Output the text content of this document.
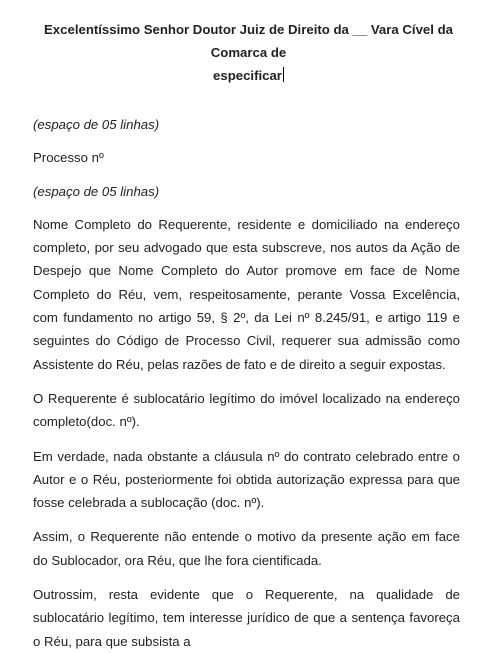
Excelentíssimo Senhor Doutor Juiz de Direito da __ Vara Cível da Comarca de
especificar

(espaço de 05 linhas)

Processo nº

(espaço de 05 linhas)

Nome Completo do Requerente, residente e domiciliado na endereço completo, por seu advogado que esta subscreve, nos autos da Ação de Despejo que Nome Completo do Autor promove em face de Nome Completo do Réu, vem, respeitosamente, perante Vossa Excelência, com fundamento no artigo 59, § 2º, da Lei nº 8.245/91, e artigo 119 e seguintes do Código de Processo Civil, requerer sua admissão como Assistente do Réu, pelas razões de fato e de direito a seguir expostas.

O Requerente é sublocatário legítimo do imóvel localizado na endereço completo(doc. nº).

Em verdade, nada obstante a cláusula nº do contrato celebrado entre o Autor e o Réu, posteriormente foi obtida autorização expressa para que fosse celebrada a sublocação (doc. nº).

Assim, o Requerente não entende o motivo da presente ação em face do Sublocador, ora Réu, que lhe fora cientificada.

Outrossim, resta evidente que o Requerente, na qualidade de sublocatário legítimo, tem interesse jurídico de que a sentença favoreça o Réu, para que subsista a
